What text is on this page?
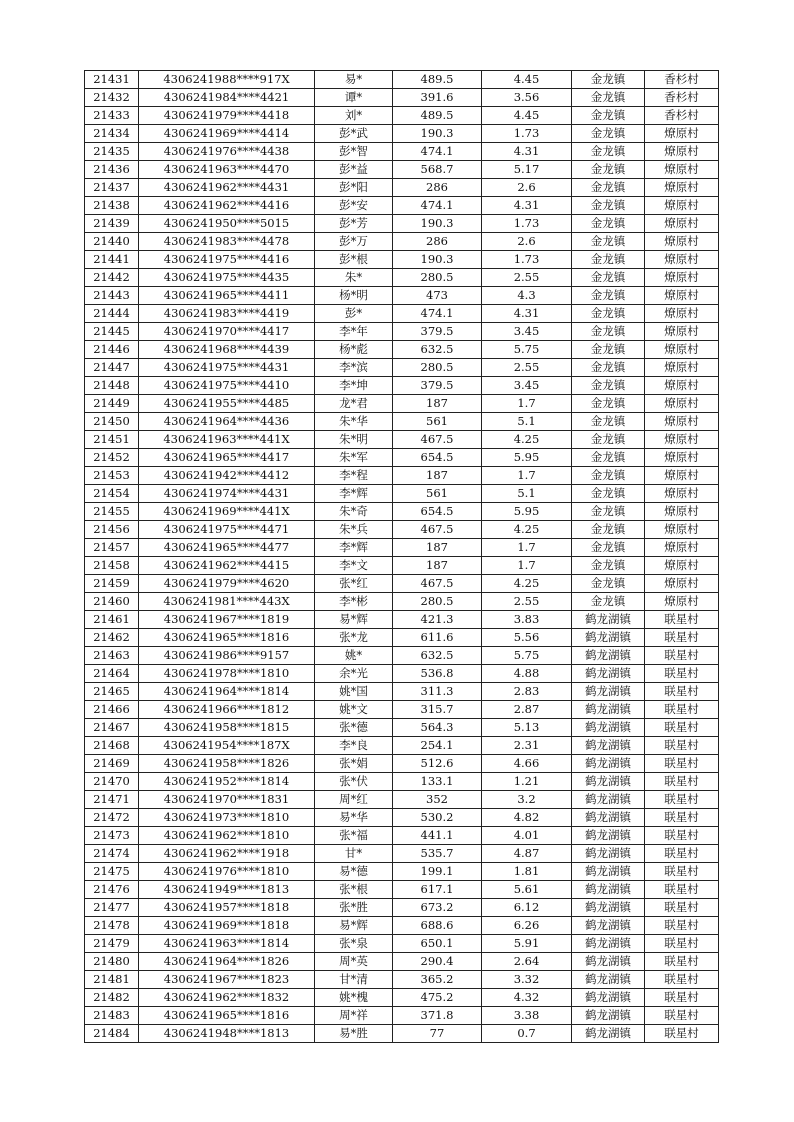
21431	4306241988****917X	易*	489.5	4.45	金龙镇	香杉村
21432	4306241984****4421	谭*	391.6	3.56	金龙镇	香杉村
21433	4306241979****4418	刘*	489.5	4.45	金龙镇	香杉村
21434	4306241969****4414	彭*武	190.3	1.73	金龙镇	燎原村
21435	4306241976****4438	彭*智	474.1	4.31	金龙镇	燎原村
21436	4306241963****4470	彭*益	568.7	5.17	金龙镇	燎原村
21437	4306241962****4431	彭*阳	286	2.6	金龙镇	燎原村
21438	4306241962****4416	彭*安	474.1	4.31	金龙镇	燎原村
21439	4306241950****5015	彭*芳	190.3	1.73	金龙镇	燎原村
21440	4306241983****4478	彭*万	286	2.6	金龙镇	燎原村
21441	4306241975****4416	彭*根	190.3	1.73	金龙镇	燎原村
21442	4306241975****4435	朱*	280.5	2.55	金龙镇	燎原村
21443	4306241965****4411	杨*明	473	4.3	金龙镇	燎原村
21444	4306241983****4419	彭*	474.1	4.31	金龙镇	燎原村
21445	4306241970****4417	李*年	379.5	3.45	金龙镇	燎原村
21446	4306241968****4439	杨*彪	632.5	5.75	金龙镇	燎原村
21447	4306241975****4431	李*滨	280.5	2.55	金龙镇	燎原村
21448	4306241975****4410	李*坤	379.5	3.45	金龙镇	燎原村
21449	4306241955****4485	龙*君	187	1.7	金龙镇	燎原村
21450	4306241964****4436	朱*华	561	5.1	金龙镇	燎原村
21451	4306241963****441X	朱*明	467.5	4.25	金龙镇	燎原村
21452	4306241965****4417	朱*军	654.5	5.95	金龙镇	燎原村
21453	4306241942****4412	李*程	187	1.7	金龙镇	燎原村
21454	4306241974****4431	李*辉	561	5.1	金龙镇	燎原村
21455	4306241969****441X	朱*奇	654.5	5.95	金龙镇	燎原村
21456	4306241975****4471	朱*兵	467.5	4.25	金龙镇	燎原村
21457	4306241965****4477	李*辉	187	1.7	金龙镇	燎原村
21458	4306241962****4415	李*文	187	1.7	金龙镇	燎原村
21459	4306241979****4620	张*红	467.5	4.25	金龙镇	燎原村
21460	4306241981****443X	李*彬	280.5	2.55	金龙镇	燎原村
21461	4306241967****1819	易*辉	421.3	3.83	鹤龙湖镇	联星村
21462	4306241965****1816	张*龙	611.6	5.56	鹤龙湖镇	联星村
21463	4306241986****9157	姚*	632.5	5.75	鹤龙湖镇	联星村
21464	4306241978****1810	余*光	536.8	4.88	鹤龙湖镇	联星村
21465	4306241964****1814	姚*国	311.3	2.83	鹤龙湖镇	联星村
21466	4306241966****1812	姚*文	315.7	2.87	鹤龙湖镇	联星村
21467	4306241958****1815	张*德	564.3	5.13	鹤龙湖镇	联星村
21468	4306241954****187X	李*良	254.1	2.31	鹤龙湖镇	联星村
21469	4306241958****1826	张*娟	512.6	4.66	鹤龙湖镇	联星村
21470	4306241952****1814	张*伏	133.1	1.21	鹤龙湖镇	联星村
21471	4306241970****1831	周*红	352	3.2	鹤龙湖镇	联星村
21472	4306241973****1810	易*华	530.2	4.82	鹤龙湖镇	联星村
21473	4306241962****1810	张*福	441.1	4.01	鹤龙湖镇	联星村
21474	4306241962****1918	甘*	535.7	4.87	鹤龙湖镇	联星村
21475	4306241976****1810	易*德	199.1	1.81	鹤龙湖镇	联星村
21476	4306241949****1813	张*根	617.1	5.61	鹤龙湖镇	联星村
21477	4306241957****1818	张*胜	673.2	6.12	鹤龙湖镇	联星村
21478	4306241969****1818	易*辉	688.6	6.26	鹤龙湖镇	联星村
21479	4306241963****1814	张*泉	650.1	5.91	鹤龙湖镇	联星村
21480	4306241964****1826	周*英	290.4	2.64	鹤龙湖镇	联星村
21481	4306241967****1823	甘*清	365.2	3.32	鹤龙湖镇	联星村
21482	4306241962****1832	姚*槐	475.2	4.32	鹤龙湖镇	联星村
21483	4306241965****1816	周*祥	371.8	3.38	鹤龙湖镇	联星村
21484	4306241948****1813	易*胜	77	0.7	鹤龙湖镇	联星村
